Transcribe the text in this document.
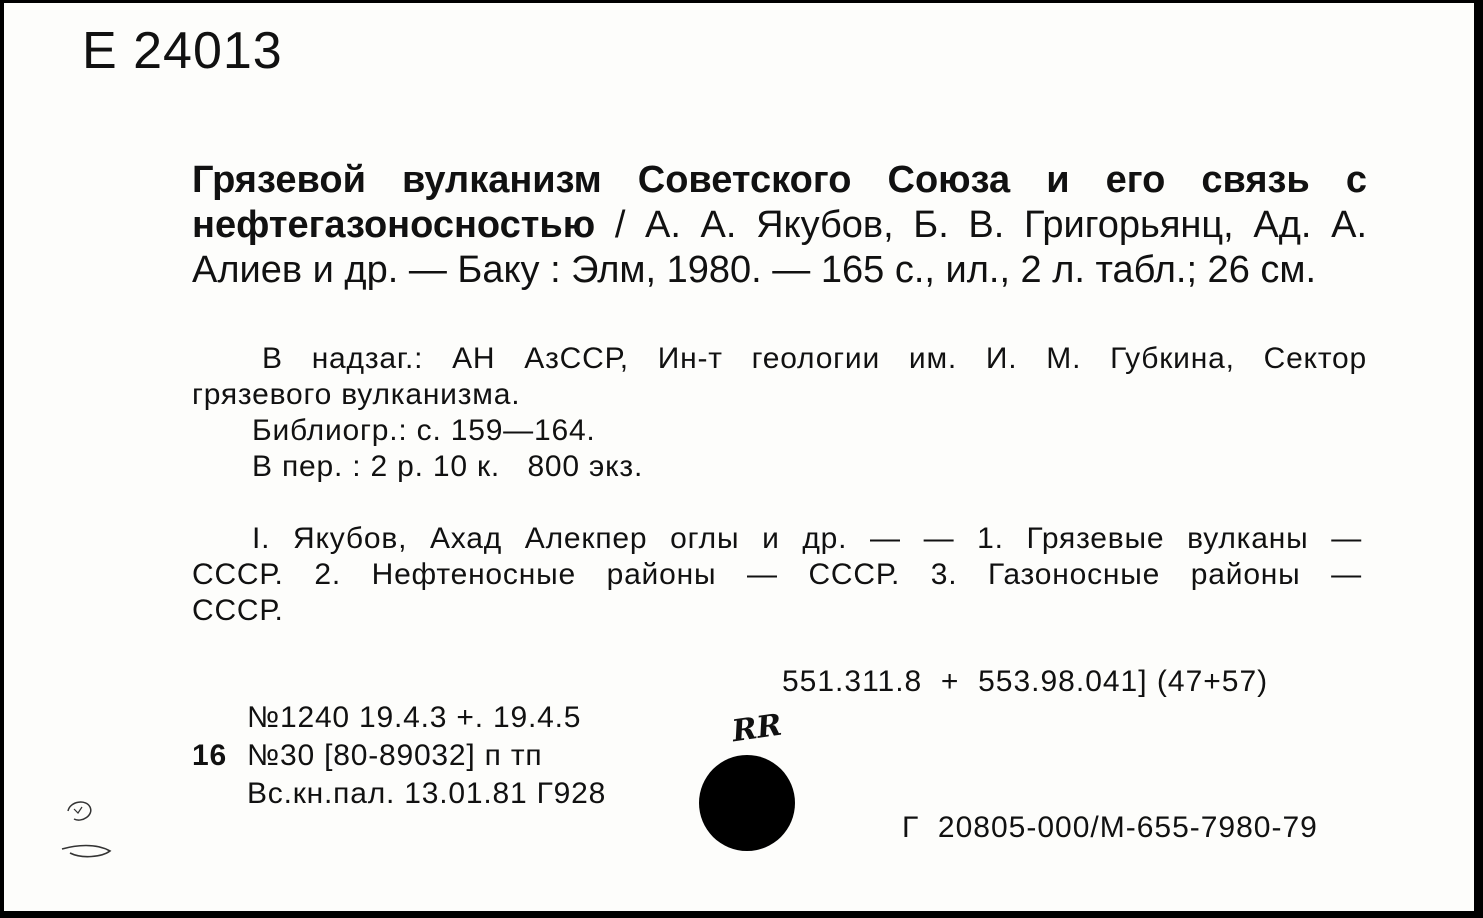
Е 24013
Грязевой вулканизм Советского Союза и его связь с нефтегазоносностью / А. А. Якубов, Б. В. Григорьянц, Ад. А. Алиев и др. — Баку : Элм, 1980. — 165 с., ил., 2 л. табл.; 26 см.
В надзаг.: АН АзССР, Ин-т геологии им. И. М. Губкина, Сектор
грязевого вулканизма.
Библиогр.: с. 159—164.
В пер. : 2 р. 10 к.   800 экз.
I. Якубов, Ахад Алекпер оглы и др. — — 1. Грязевые вулканы —
СССР. 2. Нефтеносные районы — СССР. 3. Газоносные районы —
СССР.
551.311.8  +  553.98.041] (47+57)
№1240 19.4.3 +. 19.4.5
16 №30 [80-89032] п тп
Вс.кн.пал. 13.01.81 Г928
RR
Г  20805-000/М-655-7980-79
